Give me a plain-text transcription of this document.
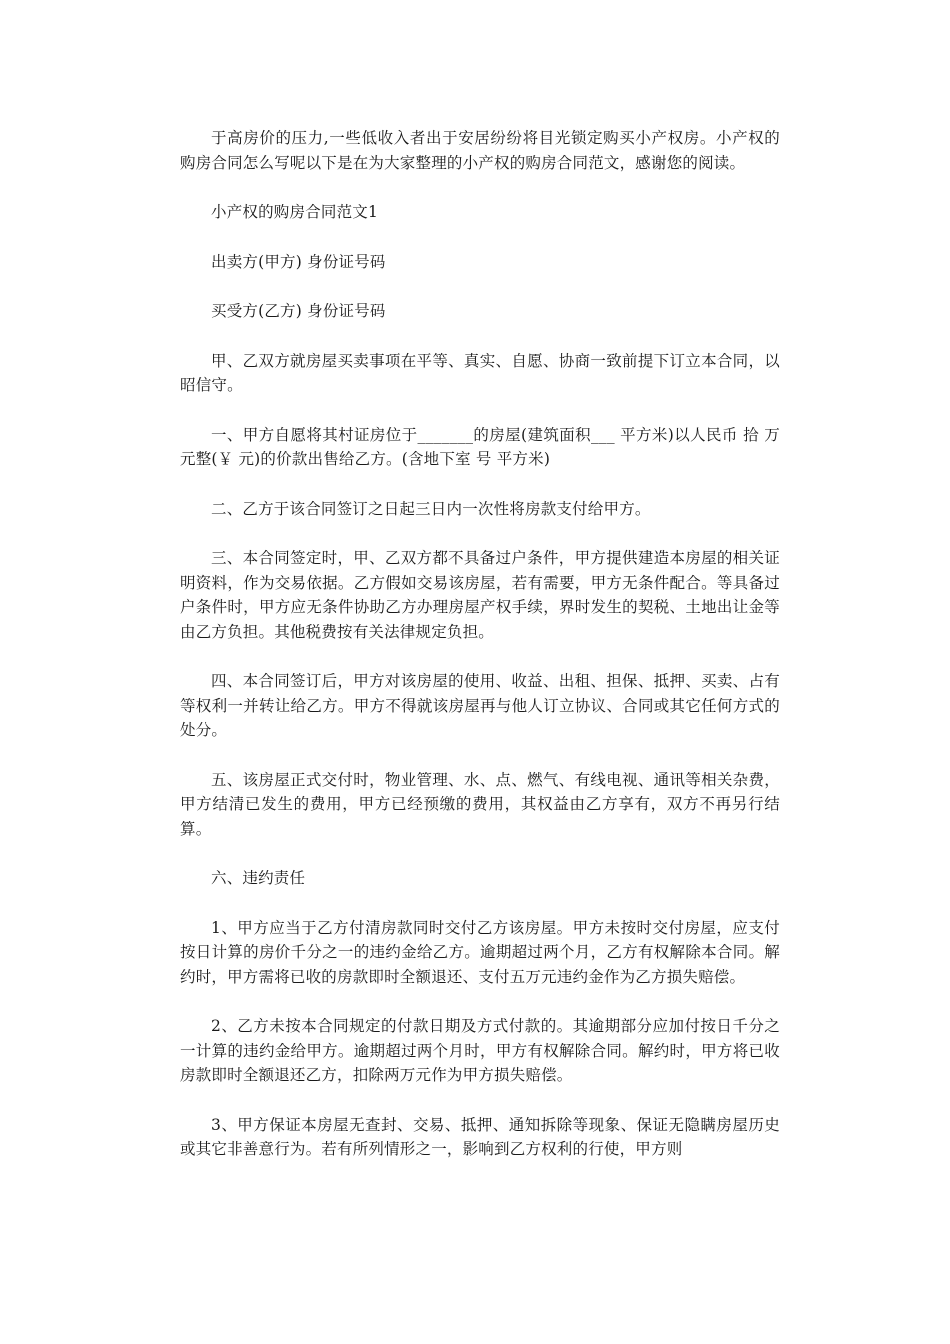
于高房价的压力,一些低收入者出于安居纷纷将目光锁定购买小产权房。小产权的购房合同怎么写呢以下是在为大家整理的小产权的购房合同范文，感谢您的阅读。

小产权的购房合同范文1

出卖方(甲方) 身份证号码

买受方(乙方) 身份证号码

甲、乙双方就房屋买卖事项在平等、真实、自愿、协商一致前提下订立本合同，以昭信守。

一、甲方自愿将其村证房位于_______的房屋(建筑面积___ 平方米)以人民币 拾 万元整(￥ 元)的价款出售给乙方。(含地下室 号 平方米)

二、乙方于该合同签订之日起三日内一次性将房款支付给甲方。

三、本合同签定时，甲、乙双方都不具备过户条件，甲方提供建造本房屋的相关证明资料，作为交易依据。乙方假如交易该房屋，若有需要，甲方无条件配合。等具备过户条件时，甲方应无条件协助乙方办理房屋产权手续，界时发生的契税、土地出让金等由乙方负担。其他税费按有关法律规定负担。

四、本合同签订后，甲方对该房屋的使用、收益、出租、担保、抵押、买卖、占有等权利一并转让给乙方。甲方不得就该房屋再与他人订立协议、合同或其它任何方式的处分。

五、该房屋正式交付时，物业管理、水、点、燃气、有线电视、通讯等相关杂费，甲方结清已发生的费用，甲方已经预缴的费用，其权益由乙方享有，双方不再另行结算。

六、违约责任

1、甲方应当于乙方付清房款同时交付乙方该房屋。甲方未按时交付房屋，应支付按日计算的房价千分之一的违约金给乙方。逾期超过两个月，乙方有权解除本合同。解约时，甲方需将已收的房款即时全额退还、支付五万元违约金作为乙方损失赔偿。

2、乙方未按本合同规定的付款日期及方式付款的。其逾期部分应加付按日千分之一计算的违约金给甲方。逾期超过两个月时，甲方有权解除合同。解约时，甲方将已收房款即时全额退还乙方，扣除两万元作为甲方损失赔偿。

3、甲方保证本房屋无查封、交易、抵押、通知拆除等现象、保证无隐瞒房屋历史或其它非善意行为。若有所列情形之一，影响到乙方权利的行使，甲方则
